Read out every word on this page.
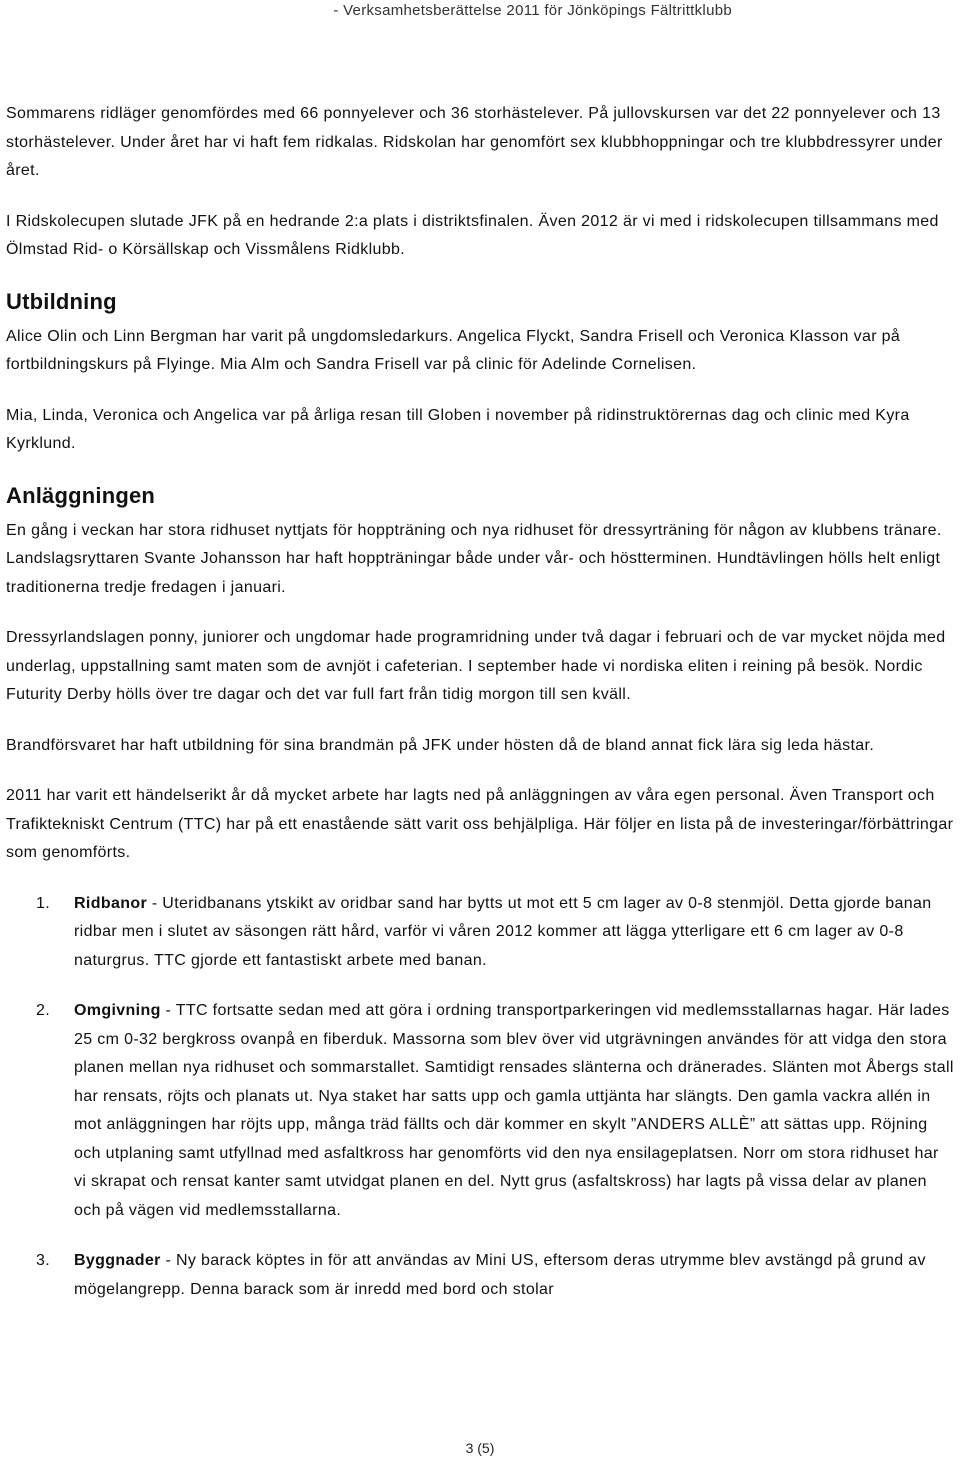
- Verksamhetsberättelse 2011 för Jönköpings Fältrittklubb

Sommarens ridläger genomfördes med 66 ponnyelever och 36 storhästelever. På jullovskursen var det 22 ponnyelever och 13 storhästelever. Under året har vi haft fem ridkalas. Ridskolan har genomfört sex klubbhoppningar och tre klubbdressyrer under året.

I Ridskolecupen slutade JFK på en hedrande 2:a plats i distriktsfinalen. Även 2012 är vi med i ridskolecupen tillsammans med Ölmstad Rid- o Körsällskap och Vissmålens Ridklubb.

Utbildning

Alice Olin och Linn Bergman har varit på ungdomsledarkurs. Angelica Flyckt, Sandra Frisell och Veronica Klasson var på fortbildningskurs på Flyinge. Mia Alm och Sandra Frisell var på clinic för Adelinde Cornelisen.

Mia, Linda, Veronica och Angelica var på årliga resan till Globen i november på ridinstruktörernas dag och clinic med Kyra Kyrklund.

Anläggningen

En gång i veckan har stora ridhuset nyttjats för hoppträning och nya ridhuset för dressyrträning för någon av klubbens tränare. Landslagsryttaren Svante Johansson har haft hoppträningar både under vår- och höstterminen. Hundtävlingen hölls helt enligt traditionerna tredje fredagen i januari.

Dressyrlandslagen ponny, juniorer och ungdomar hade programridning under två dagar i februari och de var mycket nöjda med underlag, uppstallning samt maten som de avnjöt i cafeterian. I september hade vi nordiska eliten i reining på besök. Nordic Futurity Derby hölls över tre dagar och det var full fart från tidig morgon till sen kväll.

Brandförsvaret har haft utbildning för sina brandmän på JFK under hösten då de bland annat fick lära sig leda hästar.

2011 har varit ett händelserikt år då mycket arbete har lagts ned på anläggningen av våra egen personal. Även Transport och Trafiktekniskt Centrum (TTC) har på ett enastående sätt varit oss behjälpliga. Här följer en lista på de investeringar/förbättringar som genomförts.

1. Ridbanor - Uteridbanans ytskikt av oridbar sand har bytts ut mot ett 5 cm lager av 0-8 stenmjöl. Detta gjorde banan ridbar men i slutet av säsongen rätt hård, varför vi våren 2012 kommer att lägga ytterligare ett 6 cm lager av 0-8 naturgrus. TTC gjorde ett fantastiskt arbete med banan.
2. Omgivning - TTC fortsatte sedan med att göra i ordning transportparkeringen vid medlemsstallarnas hagar. Här lades 25 cm 0-32 bergkross ovanpå en fiberduk. Massorna som blev över vid utgrävningen användes för att vidga den stora planen mellan nya ridhuset och sommarstallet. Samtidigt rensades slänterna och dränerades. Slänten mot Åbergs stall har rensats, röjts och planats ut. Nya staket har satts upp och gamla uttjänta har slängts. Den gamla vackra allén in mot anläggningen har röjts upp, många träd fällts och där kommer en skylt ”ANDERS ALLÈ” att sättas upp. Röjning och utplaning samt utfyllnad med asfaltkross har genomförts vid den nya ensilageplatsen. Norr om stora ridhuset har vi skrapat och rensat kanter samt utvidgat planen en del. Nytt grus (asfaltskross) har lagts på vissa delar av planen och på vägen vid medlemsstallarna.
3. Byggnader - Ny barack köptes in för att användas av Mini US, eftersom deras utrymme blev avstängd på grund av mögelangrepp. Denna barack som är inredd med bord och stolar
3 (5)
